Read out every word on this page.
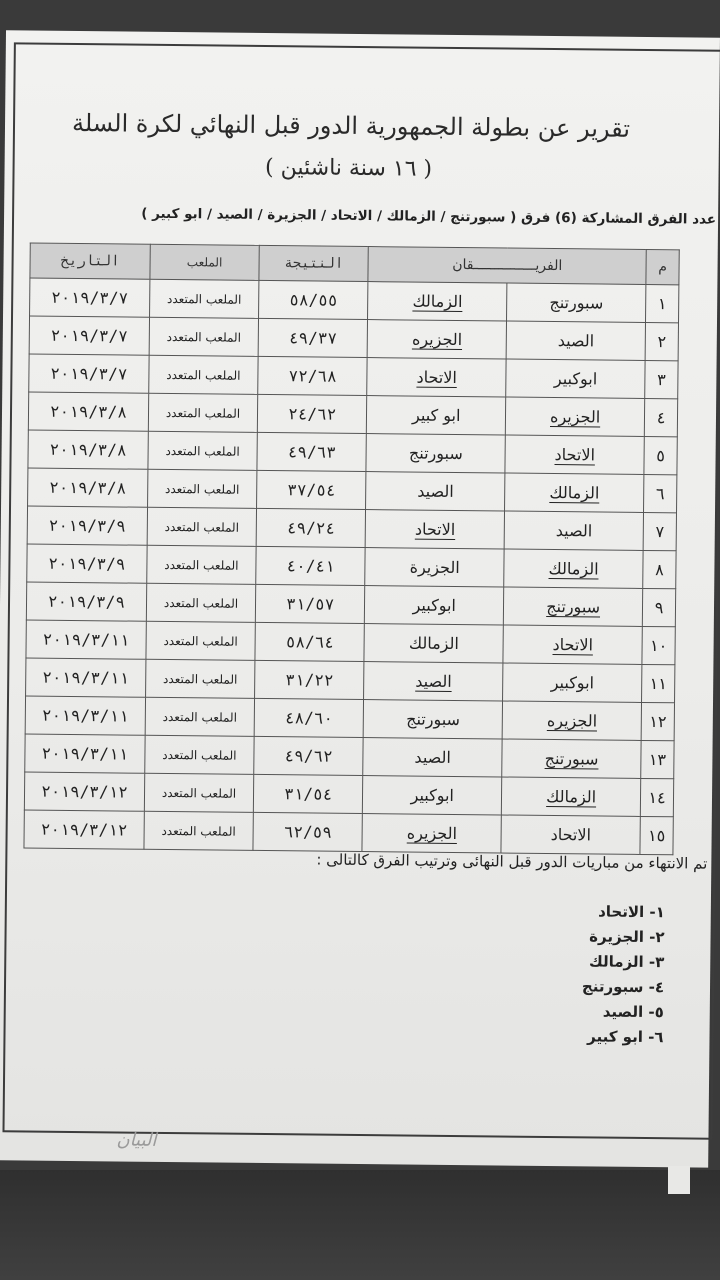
تقرير عن بطولة الجمهورية الدور قبل النهائي لكرة السلة
( ١٦ سنة ناشئين )
عدد الفرق المشاركة (6) فرق ( سبورتنج / الزمالك / الاتحاد / الجزيرة / الصيد / ابو كبير )
م	الفريـــــــــــــــقان		النتيجة	الملعب	التاريخ
١	سبورتنج	الزمالك	٥٨/٥٥	الملعب المتعدد	٢٠١٩/٣/٧
٢	الصيد	الجزيره	٤٩/٣٧	الملعب المتعدد	٢٠١٩/٣/٧
٣	ابوكبير	الاتحاد	٧٢/٦٨	الملعب المتعدد	٢٠١٩/٣/٧
٤	الجزيره	ابو كبير	٢٤/٦٢	الملعب المتعدد	٢٠١٩/٣/٨
٥	الاتحاد	سبورتنج	٤٩/٦٣	الملعب المتعدد	٢٠١٩/٣/٨
٦	الزمالك	الصيد	٣٧/٥٤	الملعب المتعدد	٢٠١٩/٣/٨
٧	الصيد	الاتحاد	٤٩/٢٤	الملعب المتعدد	٢٠١٩/٣/٩
٨	الزمالك	الجزيرة	٤٠/٤١	الملعب المتعدد	٢٠١٩/٣/٩
٩	سبورتنج	ابوكبير	٣١/٥٧	الملعب المتعدد	٢٠١٩/٣/٩
١٠	الاتحاد	الزمالك	٥٨/٦٤	الملعب المتعدد	٢٠١٩/٣/١١
١١	ابوكبير	الصيد	٣١/٢٢	الملعب المتعدد	٢٠١٩/٣/١١
١٢	الجزيره	سبورتنج	٤٨/٦٠	الملعب المتعدد	٢٠١٩/٣/١١
١٣	سبورتنج	الصيد	٤٩/٦٢	الملعب المتعدد	٢٠١٩/٣/١١
١٤	الزمالك	ابوكبير	٣١/٥٤	الملعب المتعدد	٢٠١٩/٣/١٢
١٥	الاتحاد	الجزيره	٦٢/٥٩	الملعب المتعدد	٢٠١٩/٣/١٢
تم الانتهاء من مباريات الدور قبل النهائى وترتيب الفرق كالتالى :
١- الاتحاد
٢- الجزيرة
٣- الزمالك
٤- سبورتنج
٥- الصيد
٦- ابو كبير
البيان
